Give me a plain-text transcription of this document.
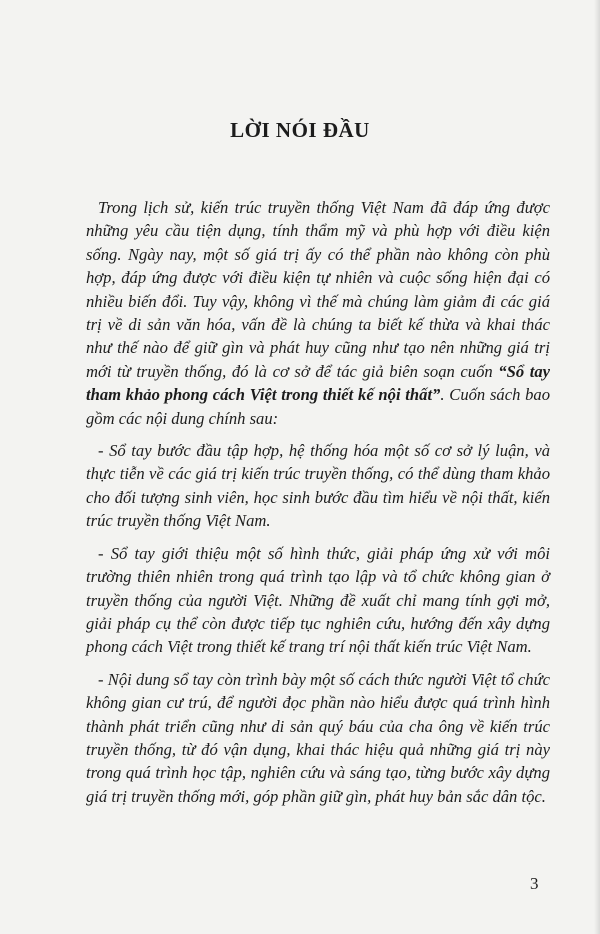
LỜI NÓI ĐẦU

Trong lịch sử, kiến trúc truyền thống Việt Nam đã đáp ứng được những yêu cầu tiện dụng, tính thẩm mỹ và phù hợp với điều kiện sống. Ngày nay, một số giá trị ấy có thể phần nào không còn phù hợp, đáp ứng được với điều kiện tự nhiên và cuộc sống hiện đại có nhiều biến đổi. Tuy vậy, không vì thế mà chúng làm giảm đi các giá trị về di sản văn hóa, vấn đề là chúng ta biết kế thừa và khai thác như thế nào để giữ gìn và phát huy cũng như tạo nên những giá trị mới từ truyền thống, đó là cơ sở để tác giả biên soạn cuốn “Sổ tay tham khảo phong cách Việt trong thiết kế nội thất”. Cuốn sách bao gồm các nội dung chính sau:

- Sổ tay bước đầu tập hợp, hệ thống hóa một số cơ sở lý luận, và thực tiễn về các giá trị kiến trúc truyền thống, có thể dùng tham khảo cho đối tượng sinh viên, học sinh bước đầu tìm hiểu về nội thất, kiến trúc truyền thống Việt Nam.

- Sổ tay giới thiệu một số hình thức, giải pháp ứng xử với môi trường thiên nhiên trong quá trình tạo lập và tổ chức không gian ở truyền thống của người Việt. Những đề xuất chỉ mang tính gợi mở, giải pháp cụ thể còn được tiếp tục nghiên cứu, hướng đến xây dựng phong cách Việt trong thiết kế trang trí nội thất kiến trúc Việt Nam.

- Nội dung sổ tay còn trình bày một số cách thức người Việt tổ chức không gian cư trú, để người đọc phần nào hiểu được quá trình hình thành phát triển cũng như di sản quý báu của cha ông về kiến trúc truyền thống, từ đó vận dụng, khai thác hiệu quả những giá trị này trong quá trình học tập, nghiên cứu và sáng tạo, từng bước xây dựng giá trị truyền thống mới, góp phần giữ gìn, phát huy bản sắc dân tộc.

3
